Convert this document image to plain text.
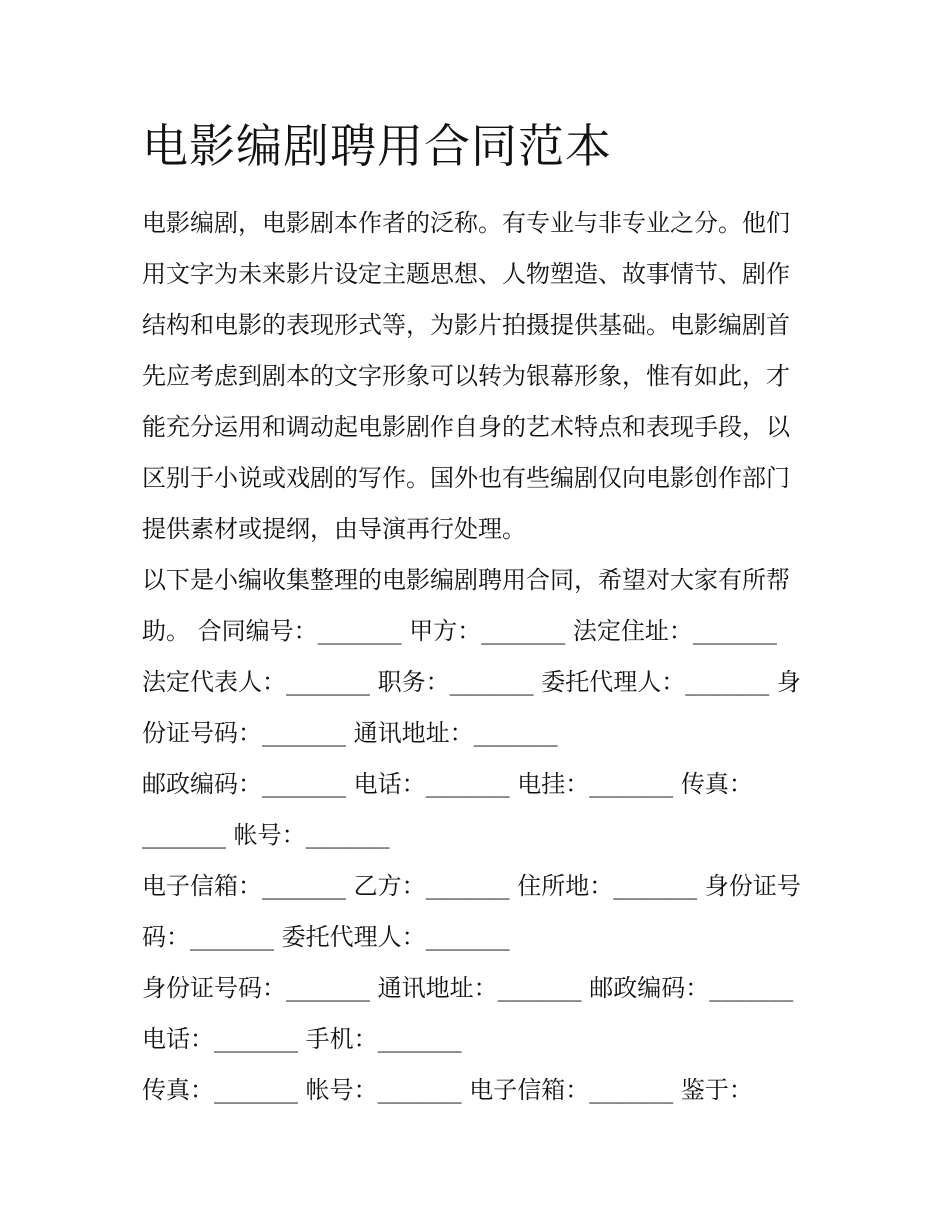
电影编剧聘用合同范本
电影编剧，电影剧本作者的泛称。有专业与非专业之分。他们
用文字为未来影片设定主题思想、人物塑造、故事情节、剧作
结构和电影的表现形式等，为影片拍摄提供基础。电影编剧首
先应考虑到剧本的文字形象可以转为银幕形象，惟有如此，才
能充分运用和调动起电影剧作自身的艺术特点和表现手段，以
区别于小说或戏剧的写作。国外也有些编剧仅向电影创作部门
提供素材或提纲，由导演再行处理。
以下是小编收集整理的电影编剧聘用合同，希望对大家有所帮
助。 合同编号：_______ 甲方：_______ 法定住址：_______
法定代表人：_______ 职务：_______ 委托代理人：_______ 身
份证号码：_______ 通讯地址：_______
邮政编码：_______ 电话：_______ 电挂：_______ 传真：
_______ 帐号：_______
电子信箱：_______ 乙方：_______ 住所地：_______ 身份证号
码：_______ 委托代理人：_______
身份证号码：_______ 通讯地址：_______ 邮政编码：_______
电话：_______ 手机：_______
传真：_______ 帐号：_______ 电子信箱：_______ 鉴于：
